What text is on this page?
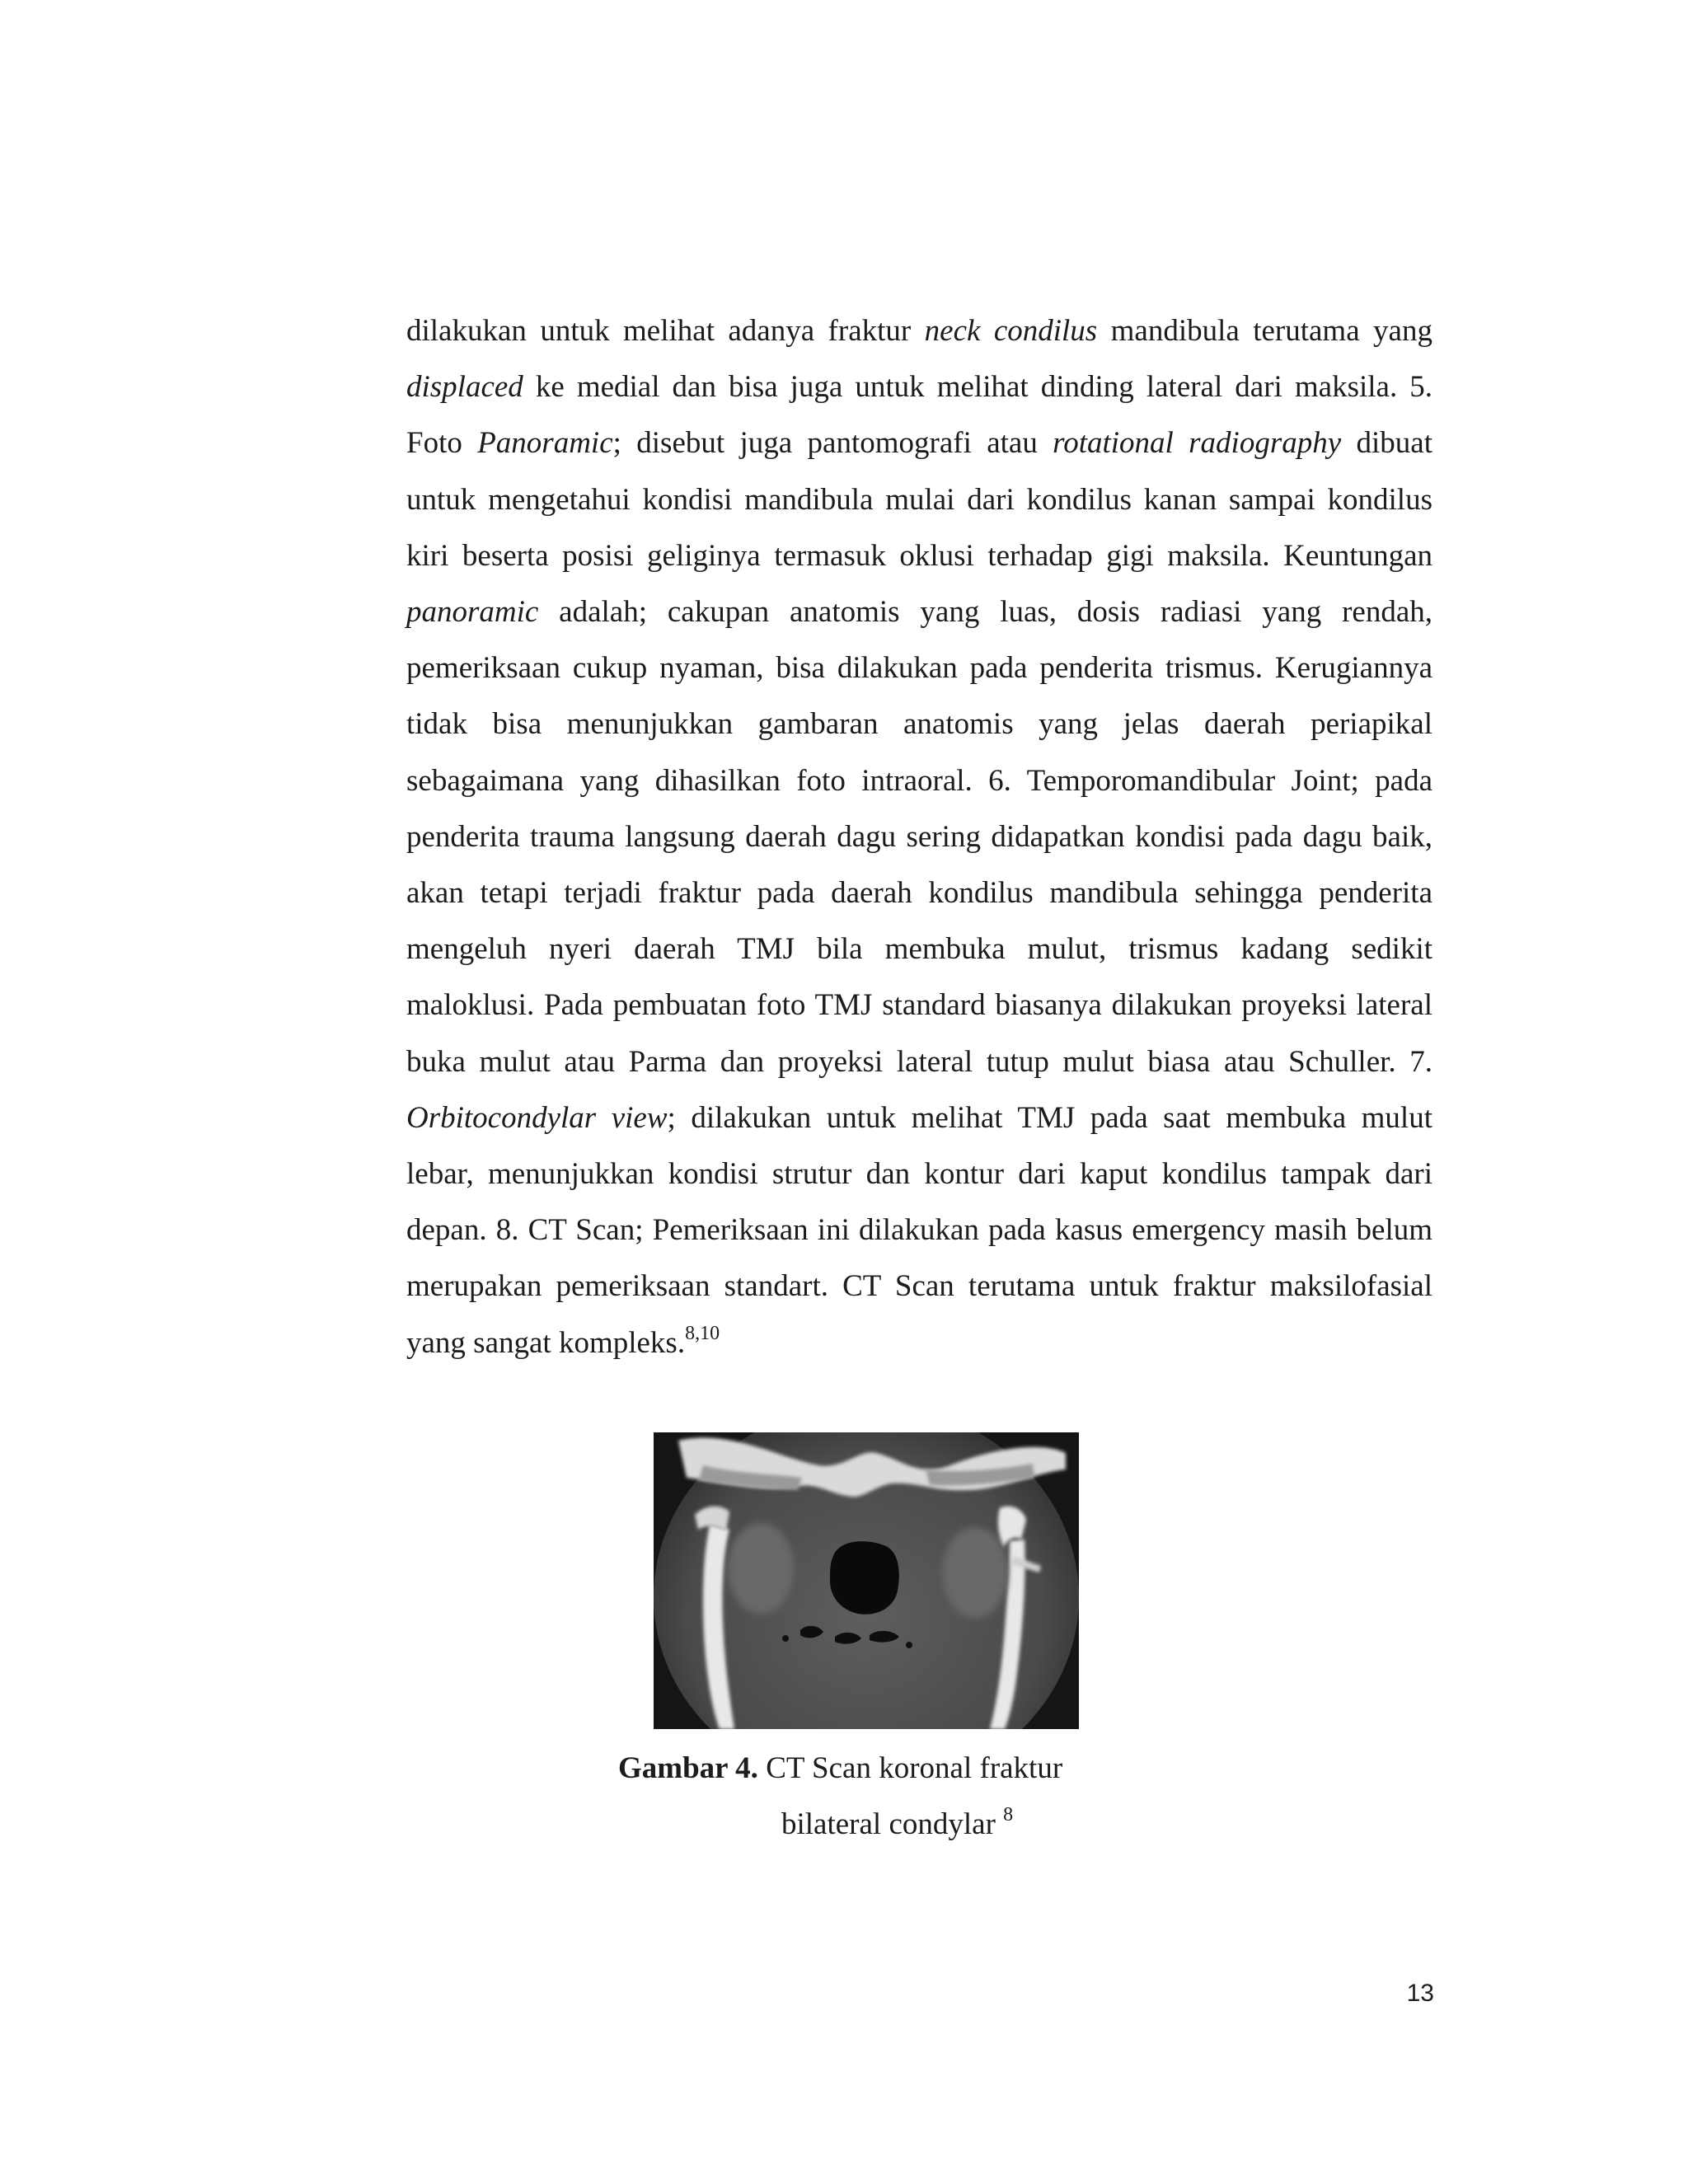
dilakukan untuk melihat adanya fraktur neck condilus mandibula terutama yang displaced ke medial dan bisa juga untuk melihat dinding lateral dari maksila. 5. Foto Panoramic; disebut juga pantomografi atau rotational radiography dibuat untuk mengetahui kondisi mandibula mulai dari kondilus kanan sampai kondilus kiri beserta posisi geliginya termasuk oklusi terhadap gigi maksila. Keuntungan panoramic adalah; cakupan anatomis yang luas, dosis radiasi yang rendah, pemeriksaan cukup nyaman, bisa dilakukan pada penderita trismus. Kerugiannya tidak bisa menunjukkan gambaran anatomis yang jelas daerah periapikal sebagaimana yang dihasilkan foto intraoral. 6. Temporomandibular Joint; pada penderita trauma langsung daerah dagu sering didapatkan kondisi pada dagu baik, akan tetapi terjadi fraktur pada daerah kondilus mandibula sehingga penderita mengeluh nyeri daerah TMJ bila membuka mulut, trismus kadang sedikit maloklusi. Pada pembuatan foto TMJ standard biasanya dilakukan proyeksi lateral buka mulut atau Parma dan proyeksi lateral tutup mulut biasa atau Schuller. 7. Orbitocondylar view; dilakukan untuk melihat TMJ pada saat membuka mulut lebar, menunjukkan kondisi strutur dan kontur dari kaput kondilus tampak dari depan. 8. CT Scan; Pemeriksaan ini dilakukan pada kasus emergency masih belum merupakan pemeriksaan standart. CT Scan terutama untuk fraktur maksilofasial yang sangat kompleks.$^{8,10}$

Gambar 4. CT Scan koronal fraktur
bilateral condylar $^8$
13
